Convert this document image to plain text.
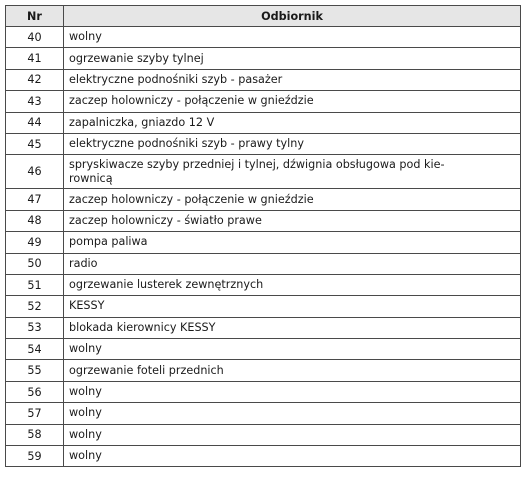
Nr	Odbiornik
40	wolny
41	ogrzewanie szyby tylnej
42	elektryczne podnośniki szyb - pasażer
43	zaczep holowniczy - połączenie w gnieździe
44	zapalniczka, gniazdo 12 V
45	elektryczne podnośniki szyb - prawy tylny
46	spryskiwacze szyby przedniej i tylnej, dźwignia obsługowa pod kie-
rownicą
47	zaczep holowniczy - połączenie w gnieździe
48	zaczep holowniczy - światło prawe
49	pompa paliwa
50	radio
51	ogrzewanie lusterek zewnętrznych
52	KESSY
53	blokada kierownicy KESSY
54	wolny
55	ogrzewanie foteli przednich
56	wolny
57	wolny
58	wolny
59	wolny
